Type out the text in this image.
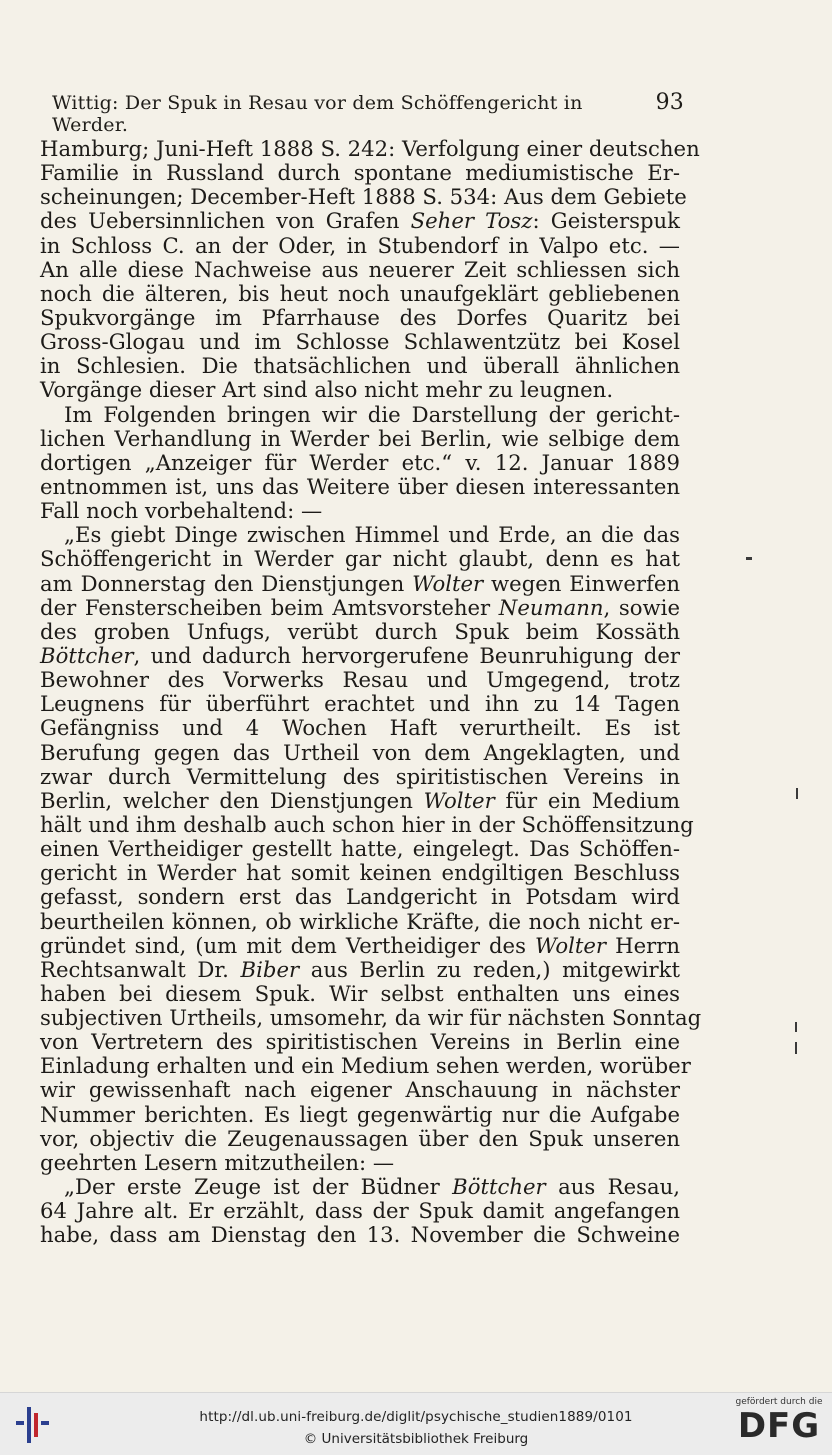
Wittig: Der Spuk in Resau vor dem Schöffengericht in Werder.
93
Hamburg; Juni-Heft 1888 S. 242: Verfolgung einer deutschen
Familie in Russland durch spontane mediumistische Er-
scheinungen; December-Heft 1888 S. 534: Aus dem Gebiete
des Uebersinnlichen von Grafen Seher Tosz: Geisterspuk
in Schloss C. an der Oder, in Stubendorf in Valpo etc. —
An alle diese Nachweise aus neuerer Zeit schliessen sich
noch die älteren, bis heut noch unaufgeklärt gebliebenen
Spukvorgänge im Pfarrhause des Dorfes Quaritz bei
Gross-Glogau und im Schlosse Schlawentzütz bei Kosel
in Schlesien. Die thatsächlichen und überall ähnlichen
Vorgänge dieser Art sind also nicht mehr zu leugnen.
Im Folgenden bringen wir die Darstellung der gericht-
lichen Verhandlung in Werder bei Berlin, wie selbige dem
dortigen „Anzeiger für Werder etc.“ v. 12. Januar 1889
entnommen ist, uns das Weitere über diesen interessanten
Fall noch vorbehaltend: —
„Es giebt Dinge zwischen Himmel und Erde, an die das
Schöffengericht in Werder gar nicht glaubt, denn es hat
am Donnerstag den Dienstjungen Wolter wegen Einwerfen
der Fensterscheiben beim Amtsvorsteher Neumann, sowie
des groben Unfugs, verübt durch Spuk beim Kossäth
Böttcher, und dadurch hervorgerufene Beunruhigung der
Bewohner des Vorwerks Resau und Umgegend, trotz
Leugnens für überführt erachtet und ihn zu 14 Tagen
Gefängniss und 4 Wochen Haft verurtheilt. Es ist
Berufung gegen das Urtheil von dem Angeklagten, und
zwar durch Vermittelung des spiritistischen Vereins in
Berlin, welcher den Dienstjungen Wolter für ein Medium
hält und ihm deshalb auch schon hier in der Schöffensitzung
einen Vertheidiger gestellt hatte, eingelegt. Das Schöffen-
gericht in Werder hat somit keinen endgiltigen Beschluss
gefasst, sondern erst das Landgericht in Potsdam wird
beurtheilen können, ob wirkliche Kräfte, die noch nicht er-
gründet sind, (um mit dem Vertheidiger des Wolter Herrn
Rechtsanwalt Dr. Biber aus Berlin zu reden,) mitgewirkt
haben bei diesem Spuk. Wir selbst enthalten uns eines
subjectiven Urtheils, umsomehr, da wir für nächsten Sonntag
von Vertretern des spiritistischen Vereins in Berlin eine
Einladung erhalten und ein Medium sehen werden, worüber
wir gewissenhaft nach eigener Anschauung in nächster
Nummer berichten. Es liegt gegenwärtig nur die Aufgabe
vor, objectiv die Zeugenaussagen über den Spuk unseren
geehrten Lesern mitzutheilen: —
„Der erste Zeuge ist der Büdner Böttcher aus Resau,
64 Jahre alt. Er erzählt, dass der Spuk damit angefangen
habe, dass am Dienstag den 13. November die Schweine
http://dl.ub.uni-freiburg.de/diglit/psychische_studien1889/0101
© Universitätsbibliothek Freiburg
gefördert durch die
DFG
